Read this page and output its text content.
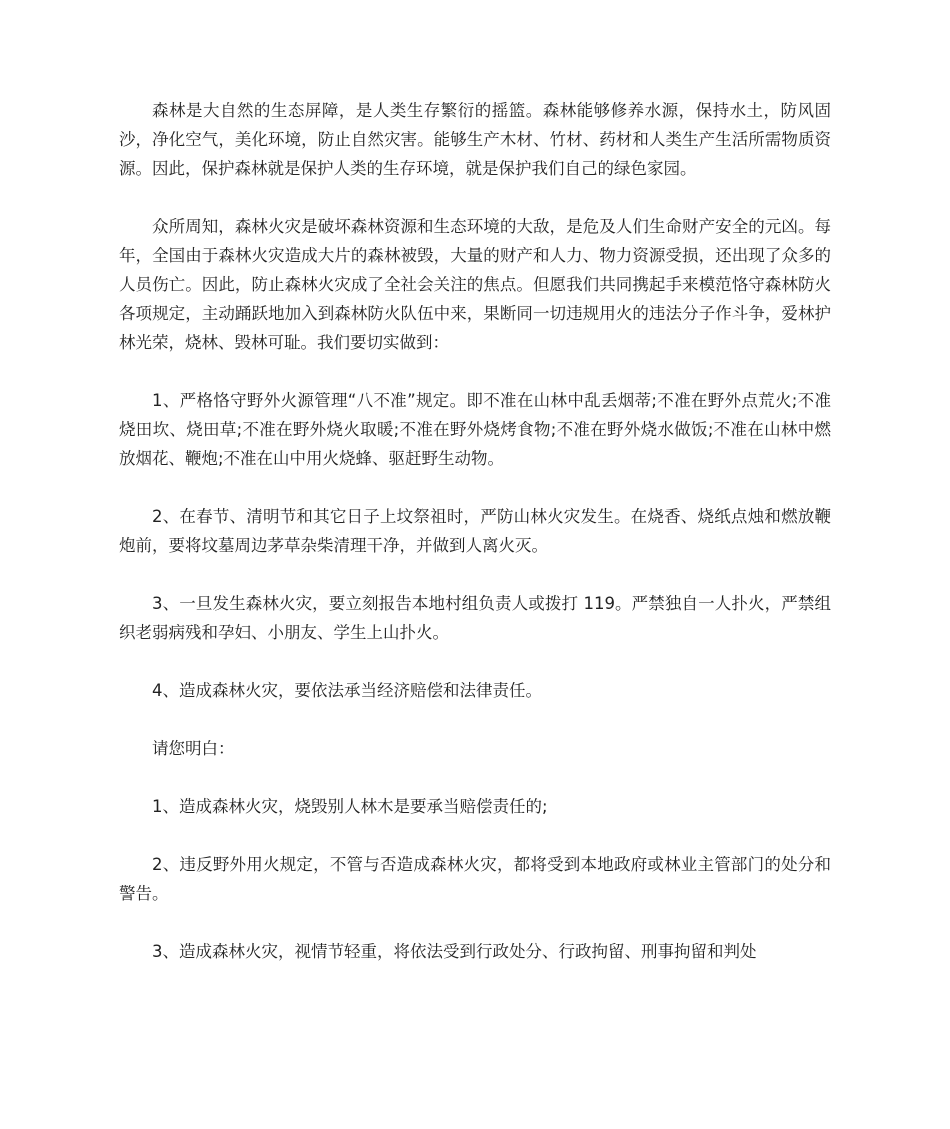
森林是大自然的生态屏障，是人类生存繁衍的摇篮。森林能够修养水源，保持水土，防风固沙，净化空气，美化环境，防止自然灾害。能够生产木材、竹材、药材和人类生产生活所需物质资源。因此，保护森林就是保护人类的生存环境，就是保护我们自己的绿色家园。

众所周知，森林火灾是破坏森林资源和生态环境的大敌，是危及人们生命财产安全的元凶。每年，全国由于森林火灾造成大片的森林被毁，大量的财产和人力、物力资源受损，还出现了众多的人员伤亡。因此，防止森林火灾成了全社会关注的焦点。但愿我们共同携起手来模范恪守森林防火各项规定，主动踊跃地加入到森林防火队伍中来，果断同一切违规用火的违法分子作斗争，爱林护林光荣，烧林、毁林可耻。我们要切实做到：

1、严格恪守野外火源管理“八不准”规定。即不准在山林中乱丢烟蒂;不准在野外点荒火;不准烧田坎、烧田草;不准在野外烧火取暖;不准在野外烧烤食物;不准在野外烧水做饭;不准在山林中燃放烟花、鞭炮;不准在山中用火烧蜂、驱赶野生动物。

2、在春节、清明节和其它日子上坟祭祖时，严防山林火灾发生。在烧香、烧纸点烛和燃放鞭炮前，要将坟墓周边茅草杂柴清理干净，并做到人离火灭。

3、一旦发生森林火灾，要立刻报告本地村组负责人或拨打 119。严禁独自一人扑火，严禁组织老弱病残和孕妇、小朋友、学生上山扑火。

4、造成森林火灾，要依法承当经济赔偿和法律责任。

请您明白：

1、造成森林火灾，烧毁别人林木是要承当赔偿责任的;

2、违反野外用火规定，不管与否造成森林火灾，都将受到本地政府或林业主管部门的处分和警告。

3、造成森林火灾，视情节轻重，将依法受到行政处分、行政拘留、刑事拘留和判处
